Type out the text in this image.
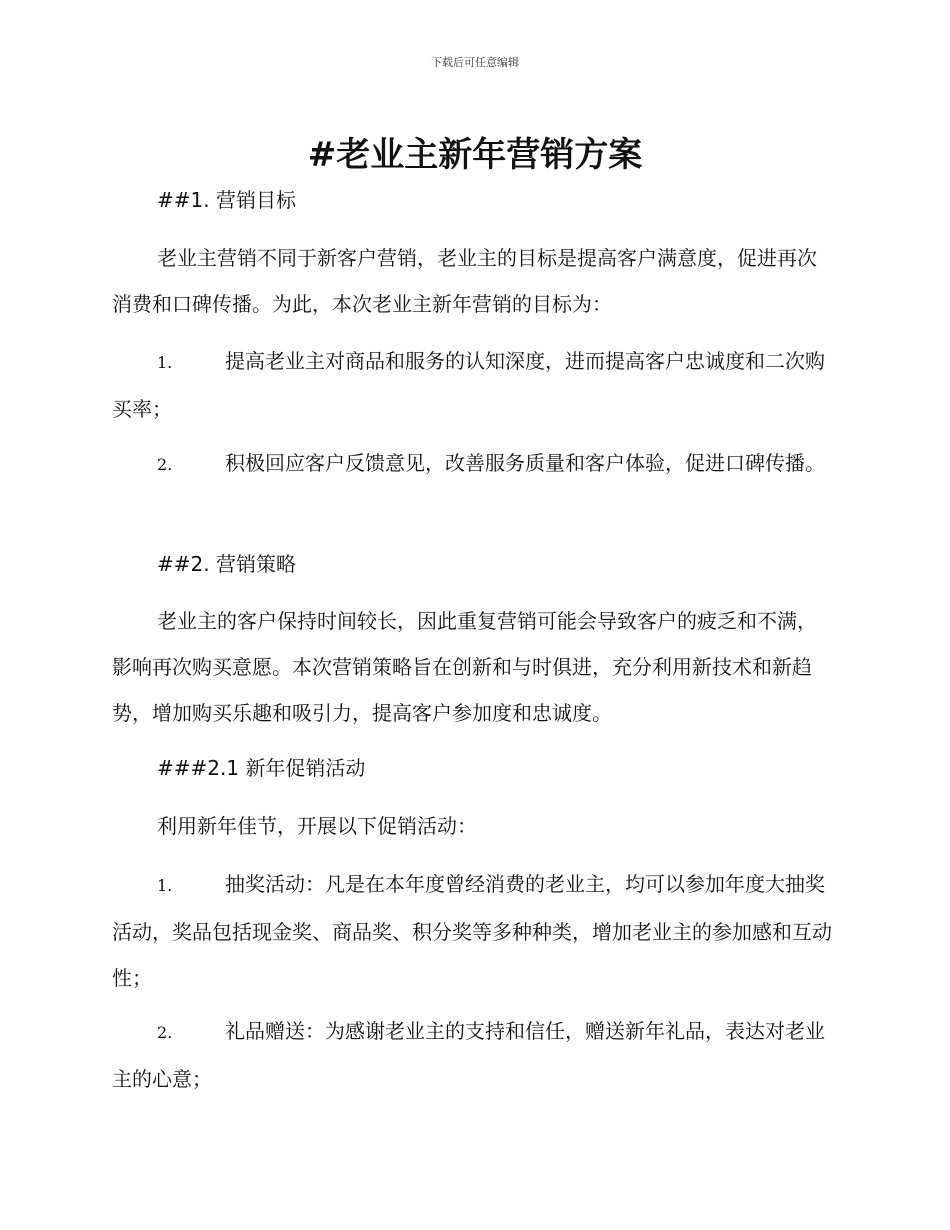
下载后可任意编辑
#老业主新年营销方案
##1. 营销目标

老业主营销不同于新客户营销，老业主的目标是提高客户满意度，促进再次消费和口碑传播。为此，本次老业主新年营销的目标为：

1.	提高老业主对商品和服务的认知深度，进而提高客户忠诚度和二次购买率；

2.	积极回应客户反馈意见，改善服务质量和客户体验，促进口碑传播。

##2. 营销策略

老业主的客户保持时间较长，因此重复营销可能会导致客户的疲乏和不满，影响再次购买意愿。本次营销策略旨在创新和与时俱进，充分利用新技术和新趋势，增加购买乐趣和吸引力，提高客户参加度和忠诚度。

###2.1 新年促销活动

利用新年佳节，开展以下促销活动：

1.	抽奖活动：凡是在本年度曾经消费的老业主，均可以参加年度大抽奖活动，奖品包括现金奖、商品奖、积分奖等多种种类，增加老业主的参加感和互动性；

2.	礼品赠送：为感谢老业主的支持和信任，赠送新年礼品，表达对老业主的心意；
